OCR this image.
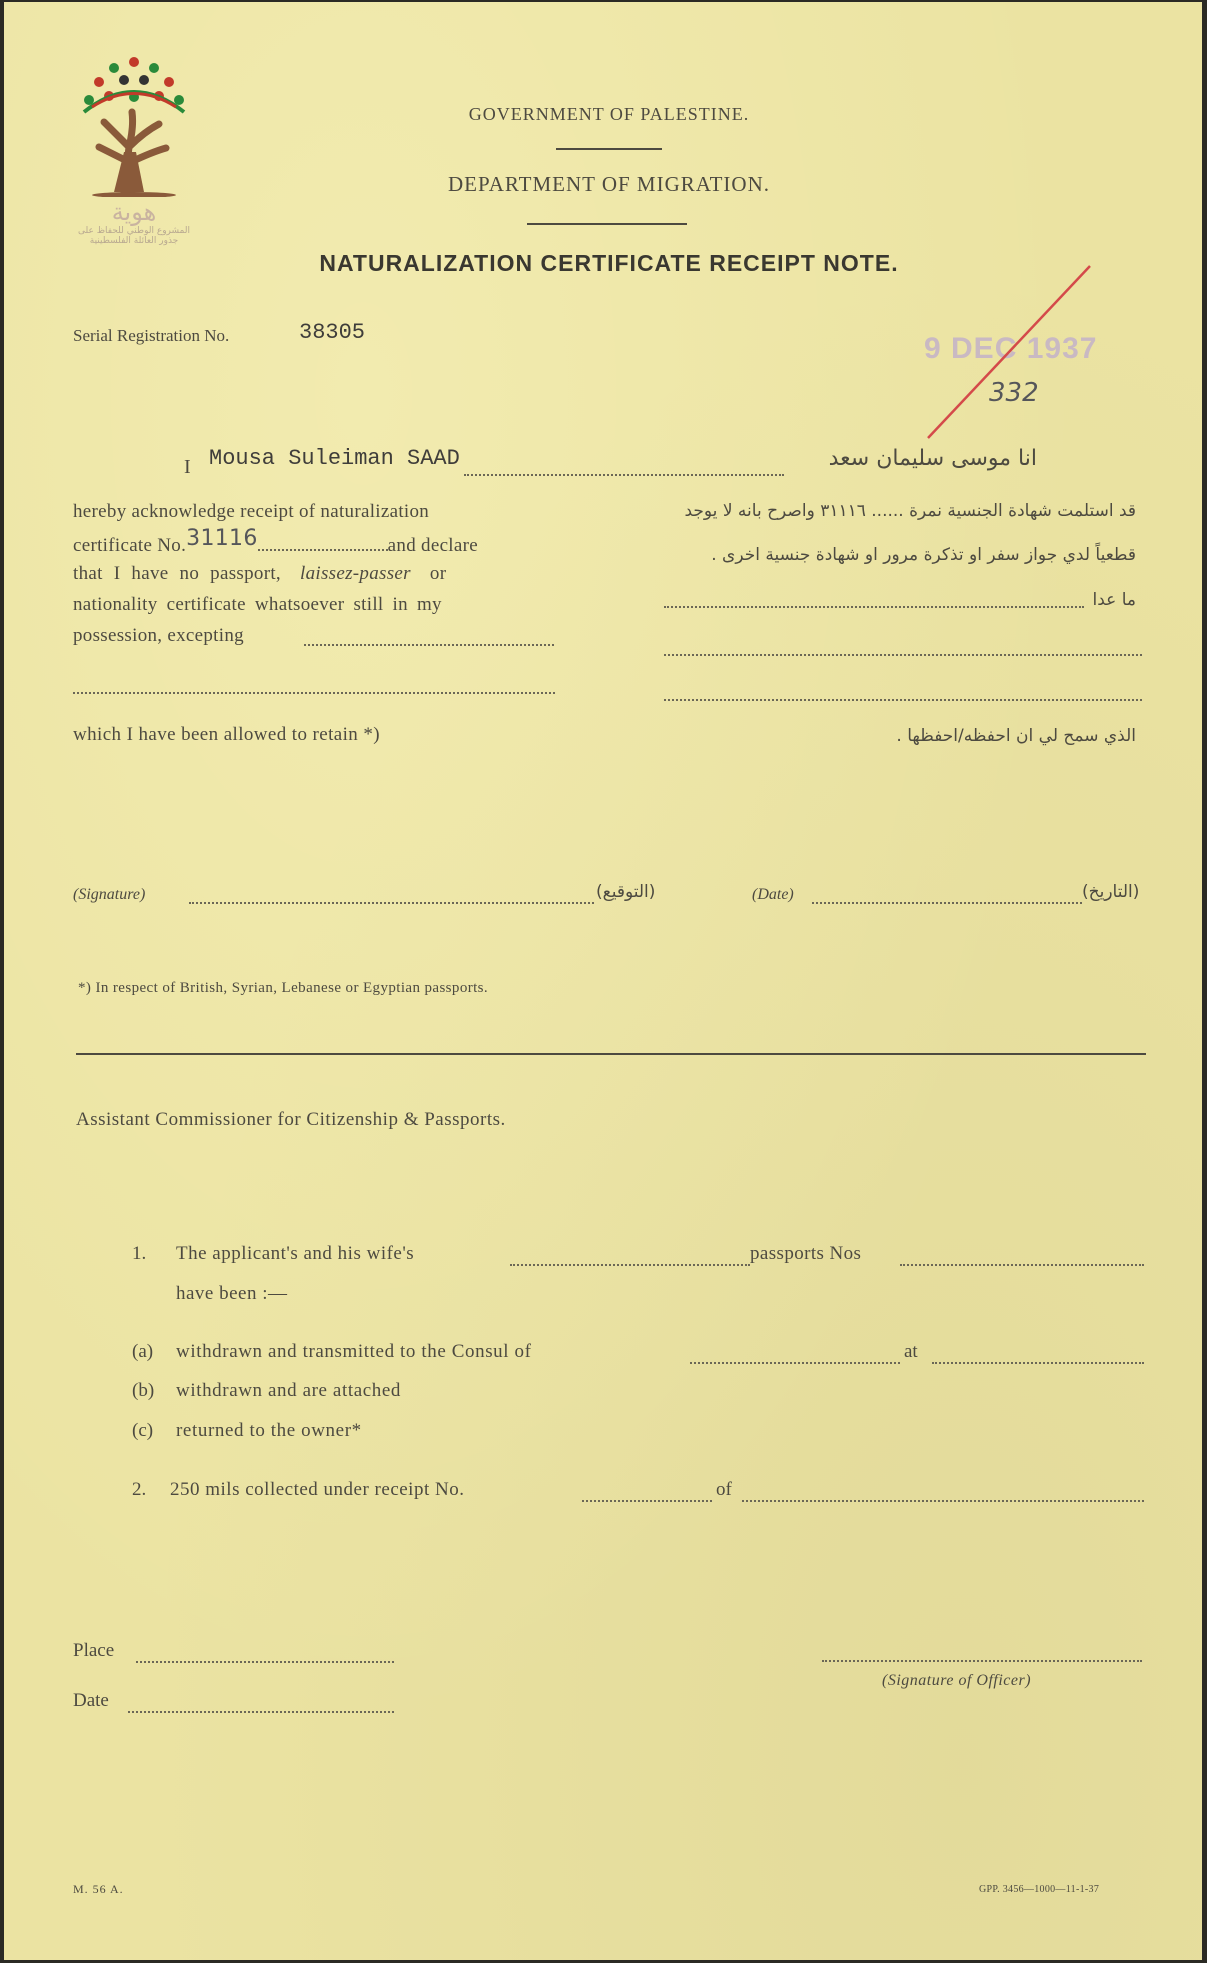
هوية
المشروع الوطني للحفاظ على
جذور العائلة الفلسطينية
GOVERNMENT OF PALESTINE.
DEPARTMENT OF MIGRATION.
NATURALIZATION CERTIFICATE RECEIPT NOTE.
Serial Registration No.	38305	9 DEC 1937
332
I Mousa Suleiman SAAD	انا موسى سليمان سعد
hereby acknowledge receipt of naturalization
certificate No.31116	and declare
that I have no passport, laissez-passer or
nationality certificate whatsoever still in my
possession, excepting
which I have been allowed to retain *)
قد استلمت شهادة الجنسية نمرة ...... ٣١١١٦ واصرح بانه لا يوجد
قطعياً لدي جواز سفر او تذكرة مرور او شهادة جنسية اخرى .
ما عدا
الذي سمح لي ان احفظه/احفظها .
(Signature)	(التوقيع)	(Date)	(التاريخ)
*) In respect of British, Syrian, Lebanese or Egyptian passports.
Assistant Commissioner for Citizenship & Passports.
1. The applicant's and his wife's	passports Nos
have been :—
(a) withdrawn and transmitted to the Consul of	at
(b) withdrawn and are attached
(c) returned to the owner*
2. 250 mils collected under receipt No.	of
Place
Date
(Signature of Officer)
M. 56 A.	GPP. 3456—1000—11-1-37
